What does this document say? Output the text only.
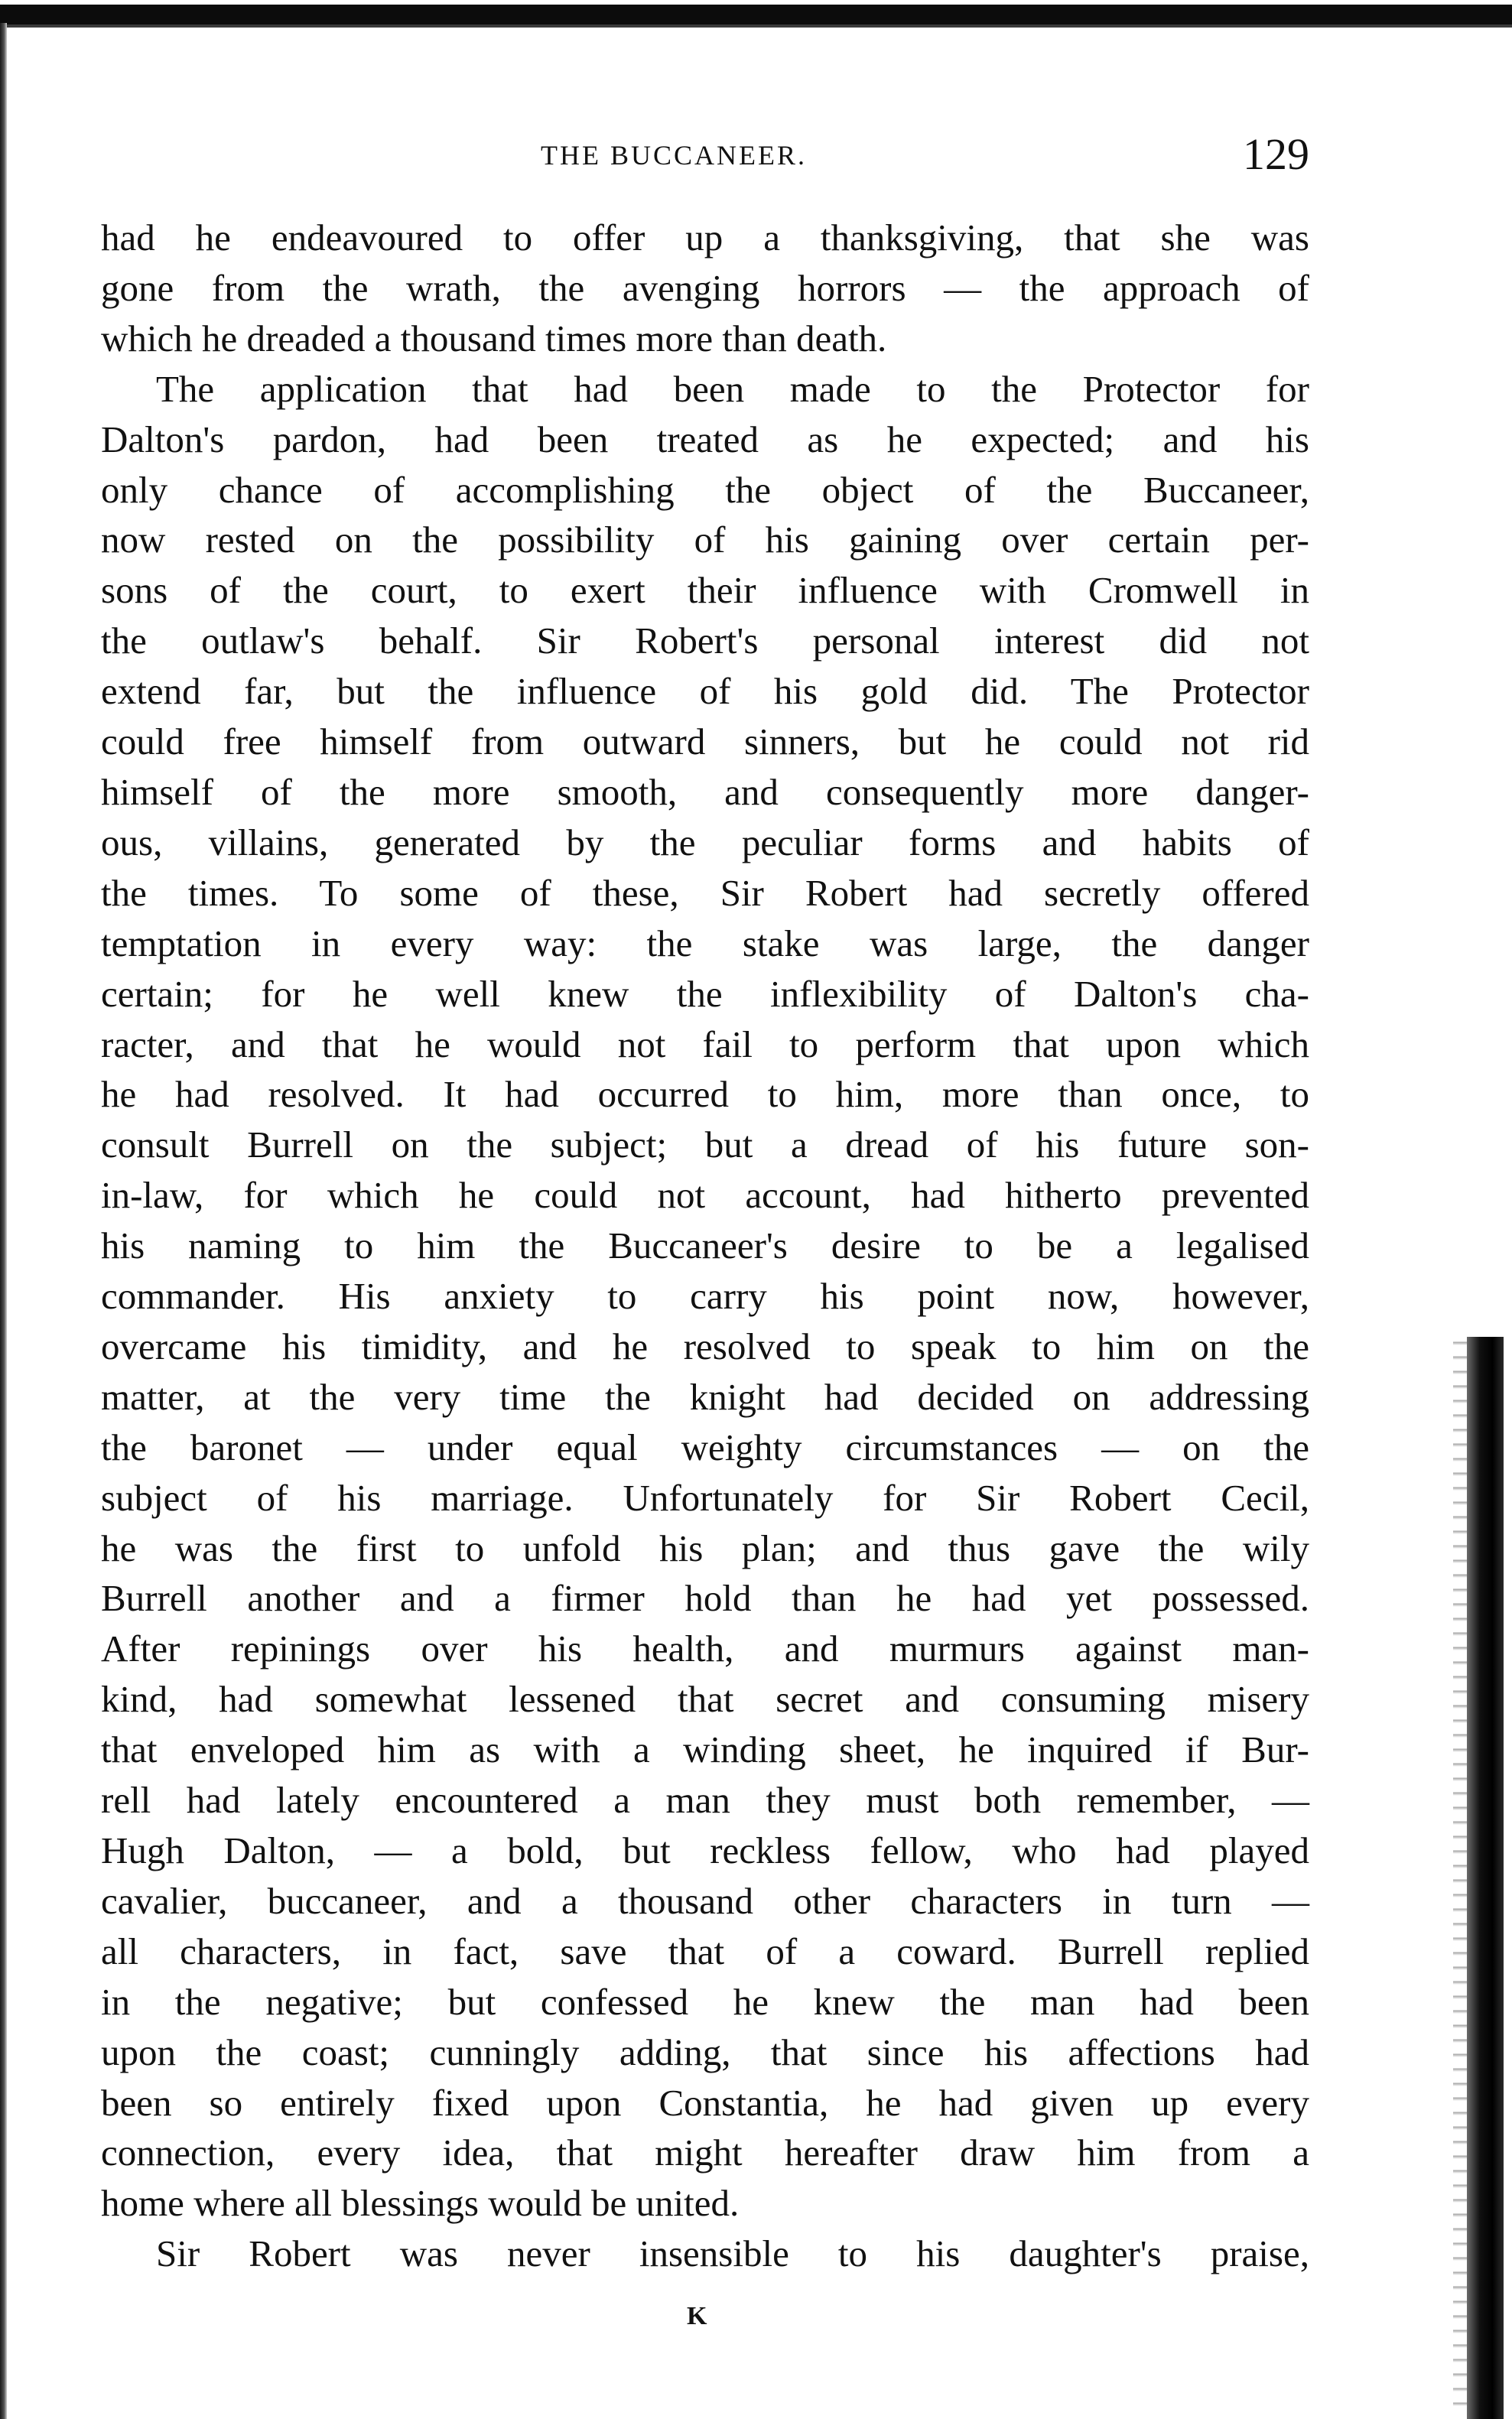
THE BUCCANEER.	129
had he endeavoured to offer up a thanksgiving, that she was
gone from the wrath, the avenging horrors — the approach of
which he dreaded a thousand times more than death.
The application that had been made to the Protector for
Dalton's pardon, had been treated as he expected; and his
only chance of accomplishing the object of the Buccaneer,
now rested on the possibility of his gaining over certain per-
sons of the court, to exert their influence with Cromwell in
the outlaw's behalf. Sir Robert's personal interest did not
extend far, but the influence of his gold did. The Protector
could free himself from outward sinners, but he could not rid
himself of the more smooth, and consequently more danger-
ous, villains, generated by the peculiar forms and habits of
the times. To some of these, Sir Robert had secretly offered
temptation in every way: the stake was large, the danger
certain; for he well knew the inflexibility of Dalton's cha-
racter, and that he would not fail to perform that upon which
he had resolved. It had occurred to him, more than once, to
consult Burrell on the subject; but a dread of his future son-
in-law, for which he could not account, had hitherto prevented
his naming to him the Buccaneer's desire to be a legalised
commander. His anxiety to carry his point now, however,
overcame his timidity, and he resolved to speak to him on the
matter, at the very time the knight had decided on addressing
the baronet — under equal weighty circumstances — on the
subject of his marriage. Unfortunately for Sir Robert Cecil,
he was the first to unfold his plan; and thus gave the wily
Burrell another and a firmer hold than he had yet possessed.
After repinings over his health, and murmurs against man-
kind, had somewhat lessened that secret and consuming misery
that enveloped him as with a winding sheet, he inquired if Bur-
rell had lately encountered a man they must both remember, —
Hugh Dalton, — a bold, but reckless fellow, who had played
cavalier, buccaneer, and a thousand other characters in turn —
all characters, in fact, save that of a coward. Burrell replied
in the negative; but confessed he knew the man had been
upon the coast; cunningly adding, that since his affections had
been so entirely fixed upon Constantia, he had given up every
connection, every idea, that might hereafter draw him from a
home where all blessings would be united.
Sir Robert was never insensible to his daughter's praise,
K
